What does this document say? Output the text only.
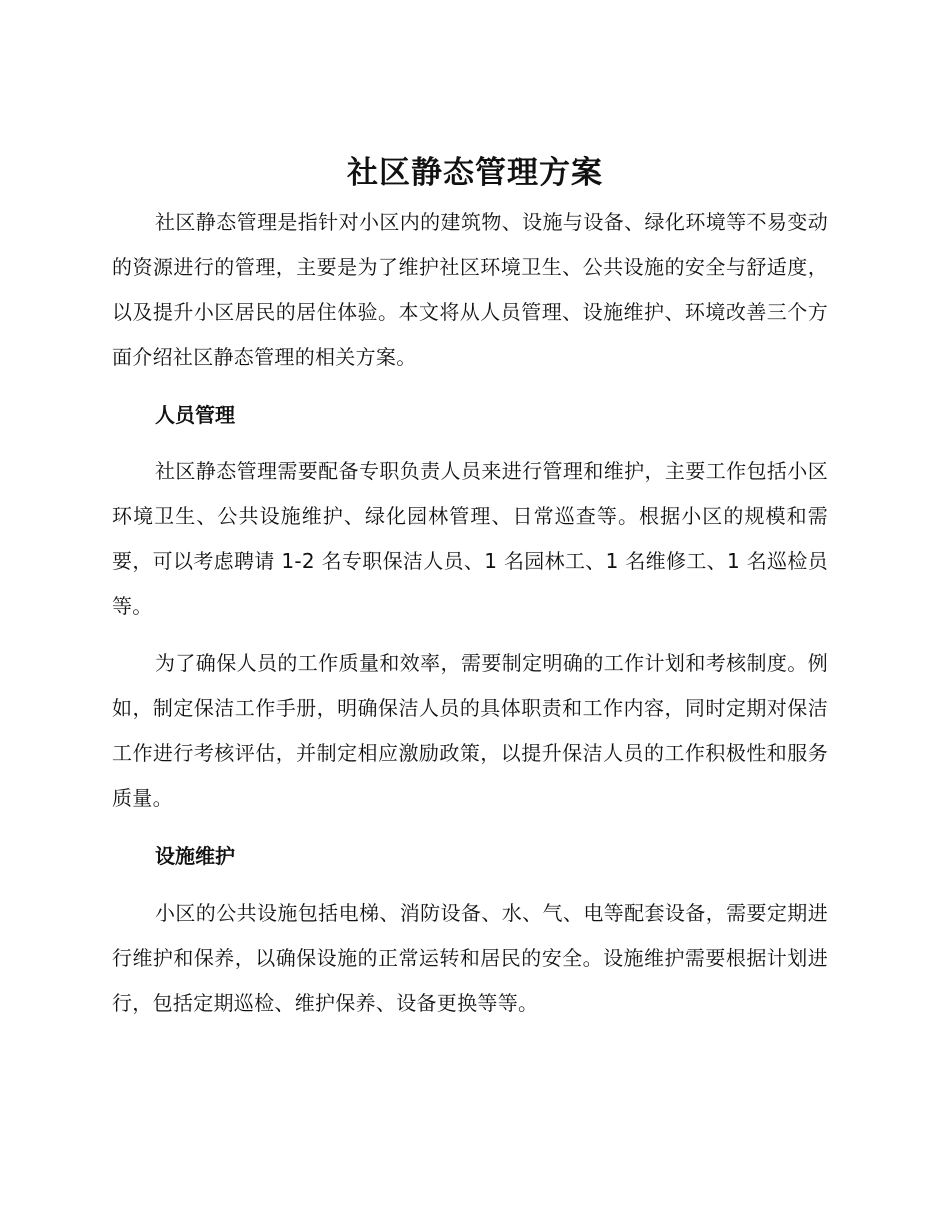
社区静态管理方案

社区静态管理是指针对小区内的建筑物、设施与设备、绿化环境等不易变动的资源进行的管理，主要是为了维护社区环境卫生、公共设施的安全与舒适度，以及提升小区居民的居住体验。本文将从人员管理、设施维护、环境改善三个方面介绍社区静态管理的相关方案。

人员管理

社区静态管理需要配备专职负责人员来进行管理和维护，主要工作包括小区环境卫生、公共设施维护、绿化园林管理、日常巡查等。根据小区的规模和需要，可以考虑聘请 1-2 名专职保洁人员、1 名园林工、1 名维修工、1 名巡检员等。

为了确保人员的工作质量和效率，需要制定明确的工作计划和考核制度。例如，制定保洁工作手册，明确保洁人员的具体职责和工作内容，同时定期对保洁工作进行考核评估，并制定相应激励政策，以提升保洁人员的工作积极性和服务质量。

设施维护

小区的公共设施包括电梯、消防设备、水、气、电等配套设备，需要定期进行维护和保养，以确保设施的正常运转和居民的安全。设施维护需要根据计划进行，包括定期巡检、维护保养、设备更换等等。
